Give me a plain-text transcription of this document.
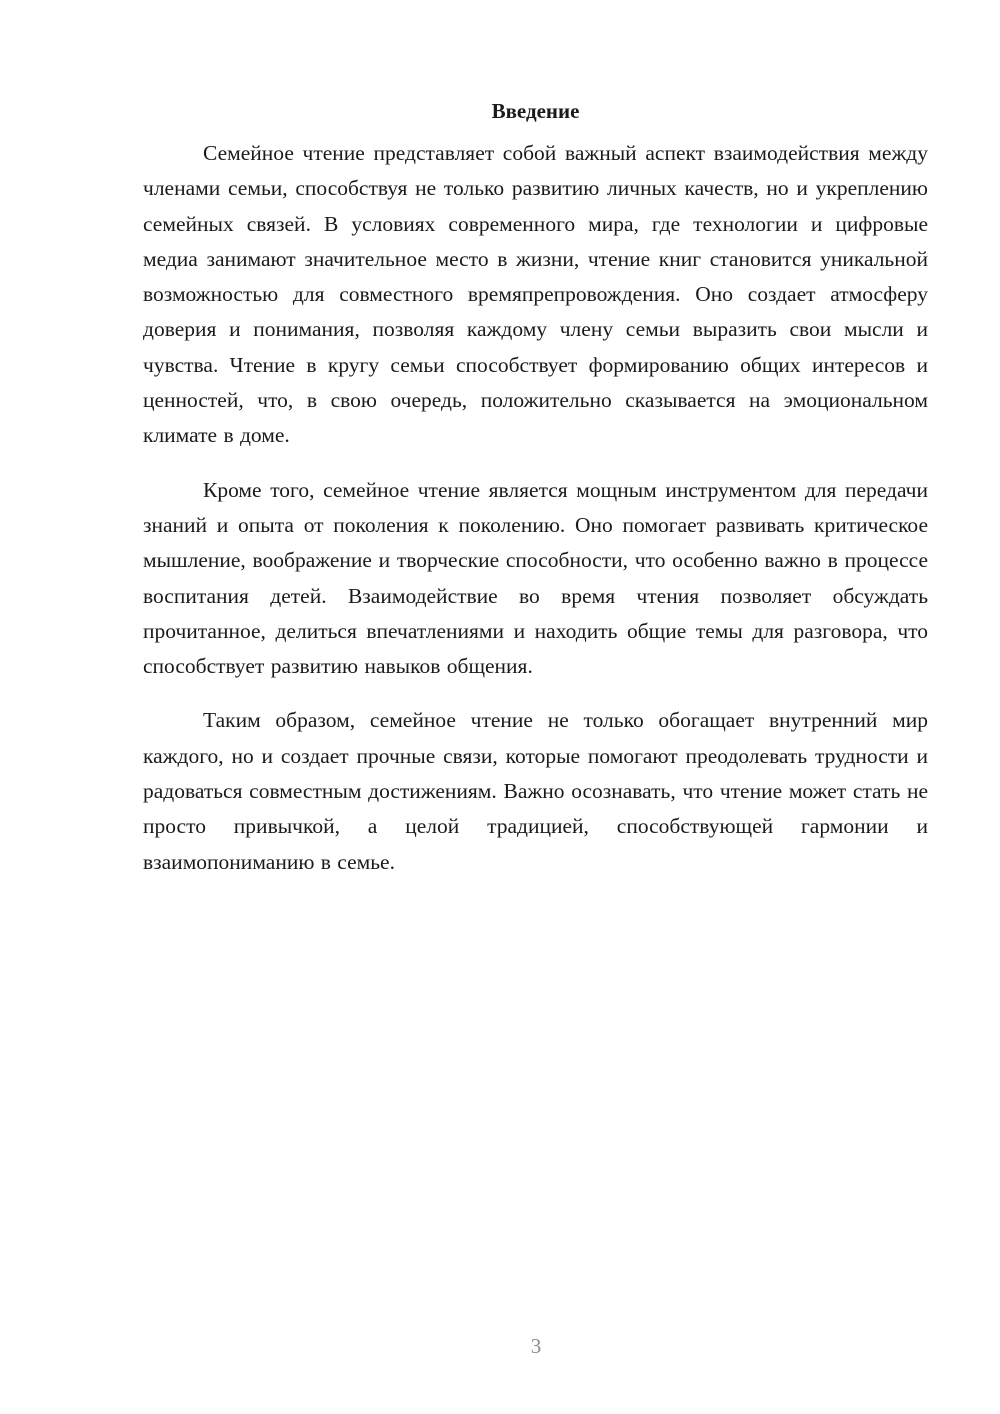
Введение

Семейное чтение представляет собой важный аспект взаимодействия между членами семьи, способствуя не только развитию личных качеств, но и укреплению семейных связей. В условиях современного мира, где технологии и цифровые медиа занимают значительное место в жизни, чтение книг становится уникальной возможностью для совместного времяпрепровождения. Оно создает атмосферу доверия и понимания, позволяя каждому члену семьи выразить свои мысли и чувства. Чтение в кругу семьи способствует формированию общих интересов и ценностей, что, в свою очередь, положительно сказывается на эмоциональном климате в доме.

Кроме того, семейное чтение является мощным инструментом для передачи знаний и опыта от поколения к поколению. Оно помогает развивать критическое мышление, воображение и творческие способности, что особенно важно в процессе воспитания детей. Взаимодействие во время чтения позволяет обсуждать прочитанное, делиться впечатлениями и находить общие темы для разговора, что способствует развитию навыков общения.

Таким образом, семейное чтение не только обогащает внутренний мир каждого, но и создает прочные связи, которые помогают преодолевать трудности и радоваться совместным достижениям. Важно осознавать, что чтение может стать не просто привычкой, а целой традицией, способствующей гармонии и взаимопониманию в семье.

3
